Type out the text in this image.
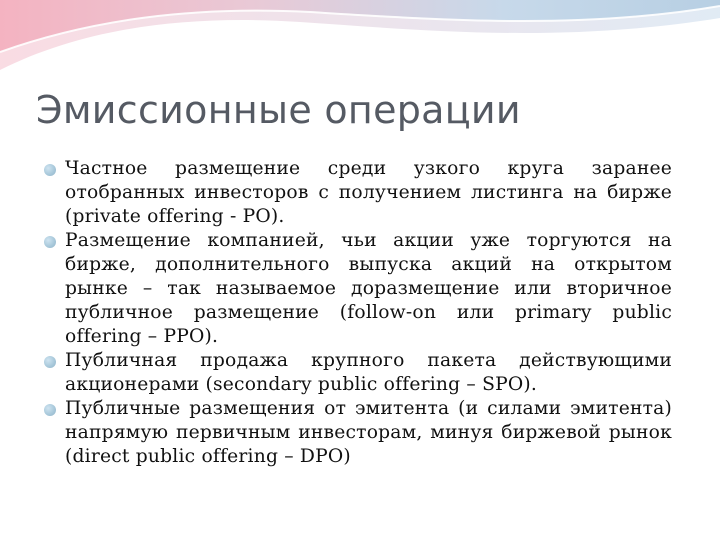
Эмиссионные операции
Частное размещение среди узкого круга заранее отобранных инвесторов с получением листинга на бирже (private offering - PO).
Размещение компанией, чьи акции уже торгуются на бирже, дополнительного выпуска акций на открытом рынке – так называемое доразмещение или вторичное публичное размещение (follow-on или primary public offering – PPO).
Публичная продажа крупного пакета действующими акционерами (secondary public offering – SPO).
Публичные размещения от эмитента (и силами эмитента) напрямую первичным инвесторам, минуя биржевой рынок (direct public offering – DPO)
